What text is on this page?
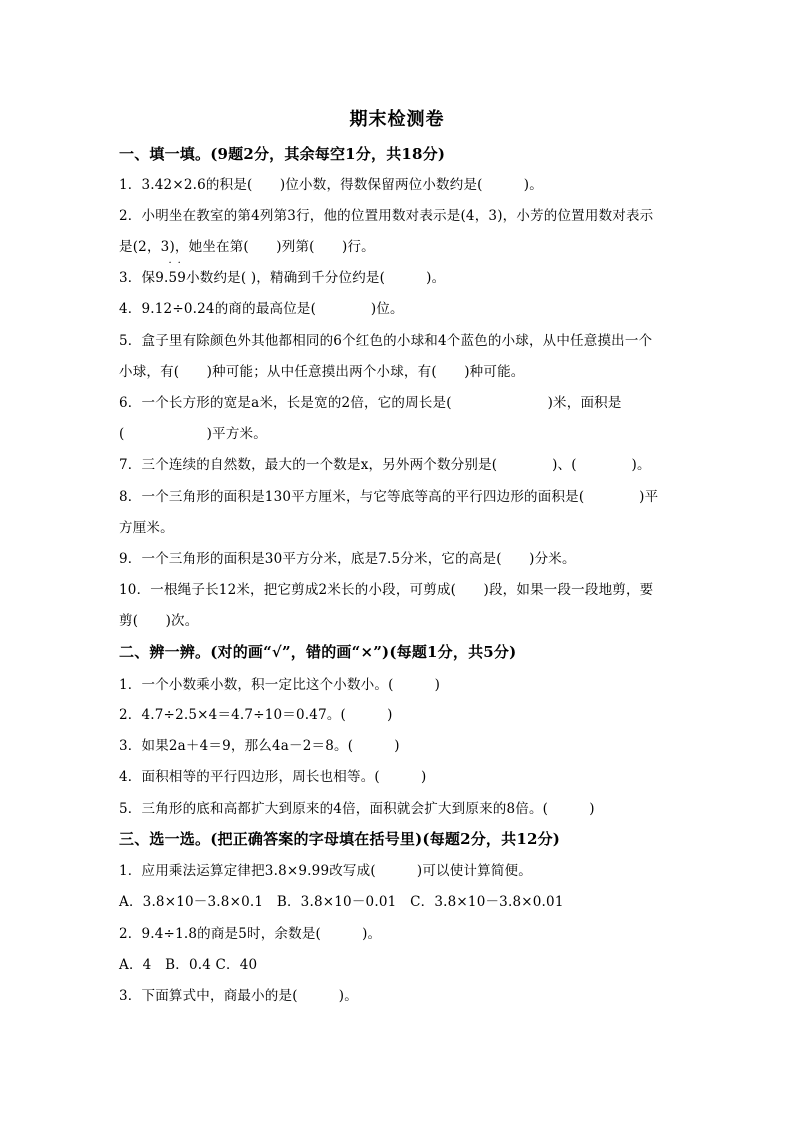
期末检测卷
一、填一填。(9题2分，其余每空1分，共18分)
1．3.42×2.6的积是(　　)位小数，得数保留两位小数约是(　　　)。
2．小明坐在教室的第4列第3行，他的位置用数对表示是(4，3)，小芳的位置用数对表示
是(2，3)，她坐在第(　　)列第(　　)行。
3．保9.
··
59小数约是( )，精确到千分位约是(　　　)。
4．9.12÷0.24的商的最高位是(　　　　)位。
5．盒子里有除颜色外其他都相同的6个红色的小球和4个蓝色的小球，从中任意摸出一个
小球，有(　　)种可能；从中任意摸出两个小球，有(　　)种可能。
6．一个长方形的宽是a米，长是宽的2倍，它的周长是(　　　　　　　)米，面积是
(　　　　　　)平方米。
7．三个连续的自然数，最大的一个数是x，另外两个数分别是(　　　　)、(　　　　)。
8．一个三角形的面积是130平方厘米，与它等底等高的平行四边形的面积是(　　　　)平
方厘米。
9．一个三角形的面积是30平方分米，底是7.5分米，它的高是(　　)分米。
10．一根绳子长12米，把它剪成2米长的小段，可剪成(　　)段，如果一段一段地剪，要
剪(　　)次。
二、辨一辨。(对的画“√”，错的画“×”)(每题1分，共5分)
1．一个小数乘小数，积一定比这个小数小。(　　　)
2．4.7÷2.5×4＝4.7÷10＝0.47。(　　　)
3．如果2a＋4＝9，那么4a－2＝8。(　　　)
4．面积相等的平行四边形，周长也相等。(　　　)
5．三角形的底和高都扩大到原来的4倍，面积就会扩大到原来的8倍。(　　　)
三、选一选。(把正确答案的字母填在括号里)(每题2分，共12分)
1．应用乘法运算定律把3.8×9.99改写成(　　　)可以使计算简便。
A．3.8×10－3.8×0.1　B．3.8×10－0.01　C．3.8×10－3.8×0.01
2．9.4÷1.8的商是5时，余数是(　　　)。
A．4　B．0.4 C．40
3．下面算式中，商最小的是(　　　)。
